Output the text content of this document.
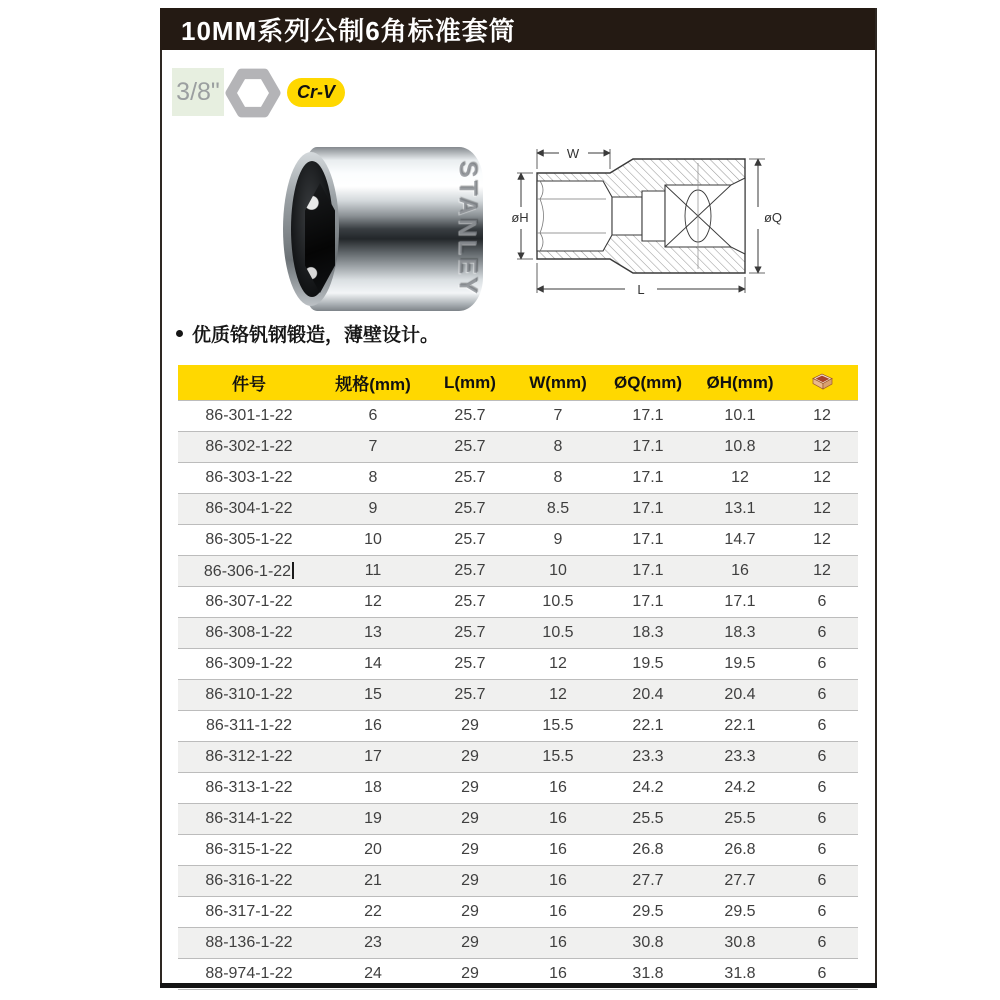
10MM系列公制6角标准套筒
3/8"	Cr-V
STANLEY
W
øH	øQ
L
优质铬钒钢锻造，薄壁设计。
件号	规格(mm)	L(mm)	W(mm)	ØQ(mm)	ØH(mm)	
86-301-1-22	6	25.7	7	17.1	10.1	12
86-302-1-22	7	25.7	8	17.1	10.8	12
86-303-1-22	8	25.7	8	17.1	12	12
86-304-1-22	9	25.7	8.5	17.1	13.1	12
86-305-1-22	10	25.7	9	17.1	14.7	12
86-306-1-22	11	25.7	10	17.1	16	12
86-307-1-22	12	25.7	10.5	17.1	17.1	6
86-308-1-22	13	25.7	10.5	18.3	18.3	6
86-309-1-22	14	25.7	12	19.5	19.5	6
86-310-1-22	15	25.7	12	20.4	20.4	6
86-311-1-22	16	29	15.5	22.1	22.1	6
86-312-1-22	17	29	15.5	23.3	23.3	6
86-313-1-22	18	29	16	24.2	24.2	6
86-314-1-22	19	29	16	25.5	25.5	6
86-315-1-22	20	29	16	26.8	26.8	6
86-316-1-22	21	29	16	27.7	27.7	6
86-317-1-22	22	29	16	29.5	29.5	6
88-136-1-22	23	29	16	30.8	30.8	6
88-974-1-22	24	29	16	31.8	31.8	6
